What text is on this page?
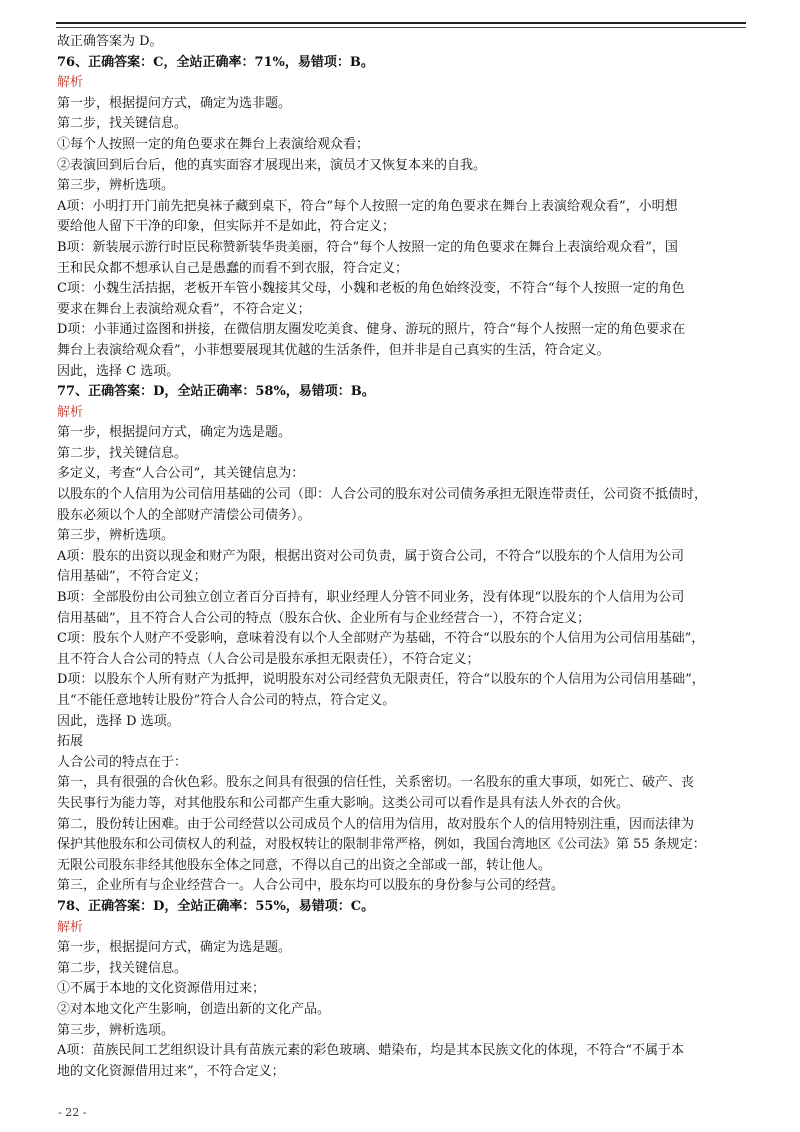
故正确答案为 D。
76、正确答案：C，全站正确率：71%，易错项：B。
解析
第一步，根据提问方式，确定为选非题。
第二步，找关键信息。
①每个人按照一定的角色要求在舞台上表演给观众看；
②表演回到后台后，他的真实面容才展现出来，演员才又恢复本来的自我。
第三步，辨析选项。
A项：小明打开门前先把臭袜子藏到桌下，符合“每个人按照一定的角色要求在舞台上表演给观众看”，小明想
要给他人留下干净的印象，但实际并不是如此，符合定义；
B项：新装展示游行时臣民称赞新装华贵美丽，符合“每个人按照一定的角色要求在舞台上表演给观众看”，国
王和民众都不想承认自己是愚蠢的而看不到衣服，符合定义；
C项：小魏生活拮据，老板开车管小魏接其父母，小魏和老板的角色始终没变，不符合“每个人按照一定的角色
要求在舞台上表演给观众看”，不符合定义；
D项：小菲通过盗图和拼接，在微信朋友圈发吃美食、健身、游玩的照片，符合“每个人按照一定的角色要求在
舞台上表演给观众看”，小菲想要展现其优越的生活条件，但并非是自己真实的生活，符合定义。
因此，选择 C 选项。
77、正确答案：D，全站正确率：58%，易错项：B。
解析
第一步，根据提问方式，确定为选是题。
第二步，找关键信息。
多定义，考查“人合公司”，其关键信息为：
以股东的个人信用为公司信用基础的公司（即：人合公司的股东对公司债务承担无限连带责任，公司资不抵债时，
股东必须以个人的全部财产清偿公司债务）。
第三步，辨析选项。
A项：股东的出资以现金和财产为限，根据出资对公司负责，属于资合公司，不符合“以股东的个人信用为公司
信用基础”，不符合定义；
B项：全部股份由公司独立创立者百分百持有，职业经理人分管不同业务，没有体现“以股东的个人信用为公司
信用基础”，且不符合人合公司的特点（股东合伙、企业所有与企业经营合一），不符合定义；
C项：股东个人财产不受影响，意味着没有以个人全部财产为基础，不符合“以股东的个人信用为公司信用基础”，
且不符合人合公司的特点（人合公司是股东承担无限责任），不符合定义；
D项：以股东个人所有财产为抵押，说明股东对公司经营负无限责任，符合“以股东的个人信用为公司信用基础”，
且“不能任意地转让股份”符合人合公司的特点，符合定义。
因此，选择 D 选项。
拓展
人合公司的特点在于：
第一，具有很强的合伙色彩。股东之间具有很强的信任性，关系密切。一名股东的重大事项，如死亡、破产、丧
失民事行为能力等，对其他股东和公司都产生重大影响。这类公司可以看作是具有法人外衣的合伙。
第二，股份转让困难。由于公司经营以公司成员个人的信用为信用，故对股东个人的信用特别注重，因而法律为
保护其他股东和公司债权人的利益，对股权转让的限制非常严格，例如，我国台湾地区《公司法》第 55 条规定：
无限公司股东非经其他股东全体之同意，不得以自己的出资之全部或一部，转让他人。
第三，企业所有与企业经营合一。人合公司中，股东均可以股东的身份参与公司的经营。
78、正确答案：D，全站正确率：55%，易错项：C。
解析
第一步，根据提问方式，确定为选是题。
第二步，找关键信息。
①不属于本地的文化资源借用过来；
②对本地文化产生影响，创造出新的文化产品。
第三步，辨析选项。
A项：苗族民间工艺组织设计具有苗族元素的彩色玻璃、蜡染布，均是其本民族文化的体现，不符合“不属于本
地的文化资源借用过来”，不符合定义；
- 22 -
